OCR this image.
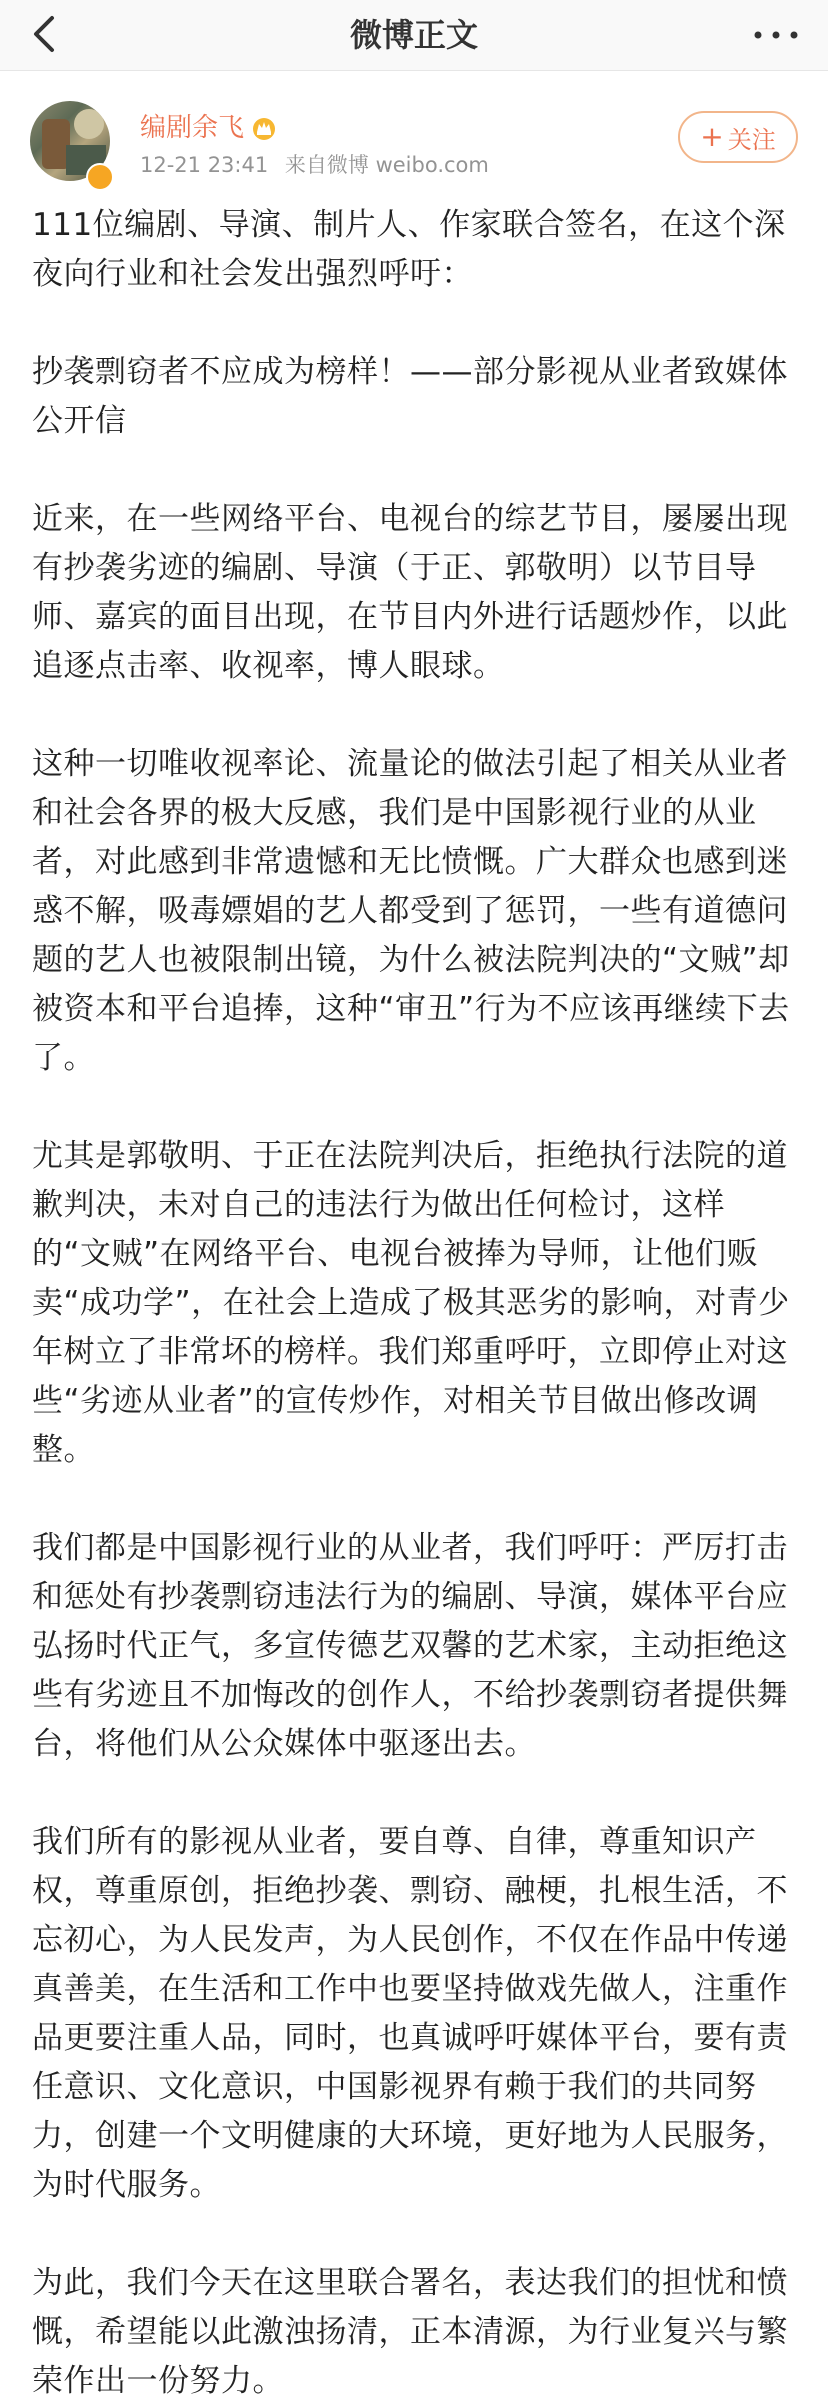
微博正文
编剧余飞
12-21 23:41 来自微博 weibo.com
+ 关注

111位编剧、导演、制片人、作家联合签名，在这个深夜向行业和社会发出强烈呼吁：

抄袭剽窃者不应成为榜样！——部分影视从业者致媒体公开信

近来，在一些网络平台、电视台的综艺节目，屡屡出现有抄袭劣迹的编剧、导演（于正、郭敬明）以节目导师、嘉宾的面目出现，在节目内外进行话题炒作，以此追逐点击率、收视率，博人眼球。

这种一切唯收视率论、流量论的做法引起了相关从业者和社会各界的极大反感，我们是中国影视行业的从业者，对此感到非常遗憾和无比愤慨。广大群众也感到迷惑不解，吸毒嫖娼的艺人都受到了惩罚，一些有道德问题的艺人也被限制出镜，为什么被法院判决的“文贼”却被资本和平台追捧，这种“审丑”行为不应该再继续下去了。

尤其是郭敬明、于正在法院判决后，拒绝执行法院的道歉判决，未对自己的违法行为做出任何检讨，这样的“文贼”在网络平台、电视台被捧为导师，让他们贩卖“成功学”，在社会上造成了极其恶劣的影响，对青少年树立了非常坏的榜样。我们郑重呼吁，立即停止对这些“劣迹从业者”的宣传炒作，对相关节目做出修改调整。

我们都是中国影视行业的从业者，我们呼吁：严厉打击和惩处有抄袭剽窃违法行为的编剧、导演，媒体平台应弘扬时代正气，多宣传德艺双馨的艺术家，主动拒绝这些有劣迹且不加悔改的创作人，不给抄袭剽窃者提供舞台，将他们从公众媒体中驱逐出去。

我们所有的影视从业者，要自尊、自律，尊重知识产权，尊重原创，拒绝抄袭、剽窃、融梗，扎根生活，不忘初心，为人民发声，为人民创作，不仅在作品中传递真善美，在生活和工作中也要坚持做戏先做人，注重作品更要注重人品，同时，也真诚呼吁媒体平台，要有责任意识、文化意识，中国影视界有赖于我们的共同努力，创建一个文明健康的大环境，更好地为人民服务，为时代服务。

为此，我们今天在这里联合署名，表达我们的担忧和愤慨，希望能以此激浊扬清，正本清源，为行业复兴与繁荣作出一份努力。
